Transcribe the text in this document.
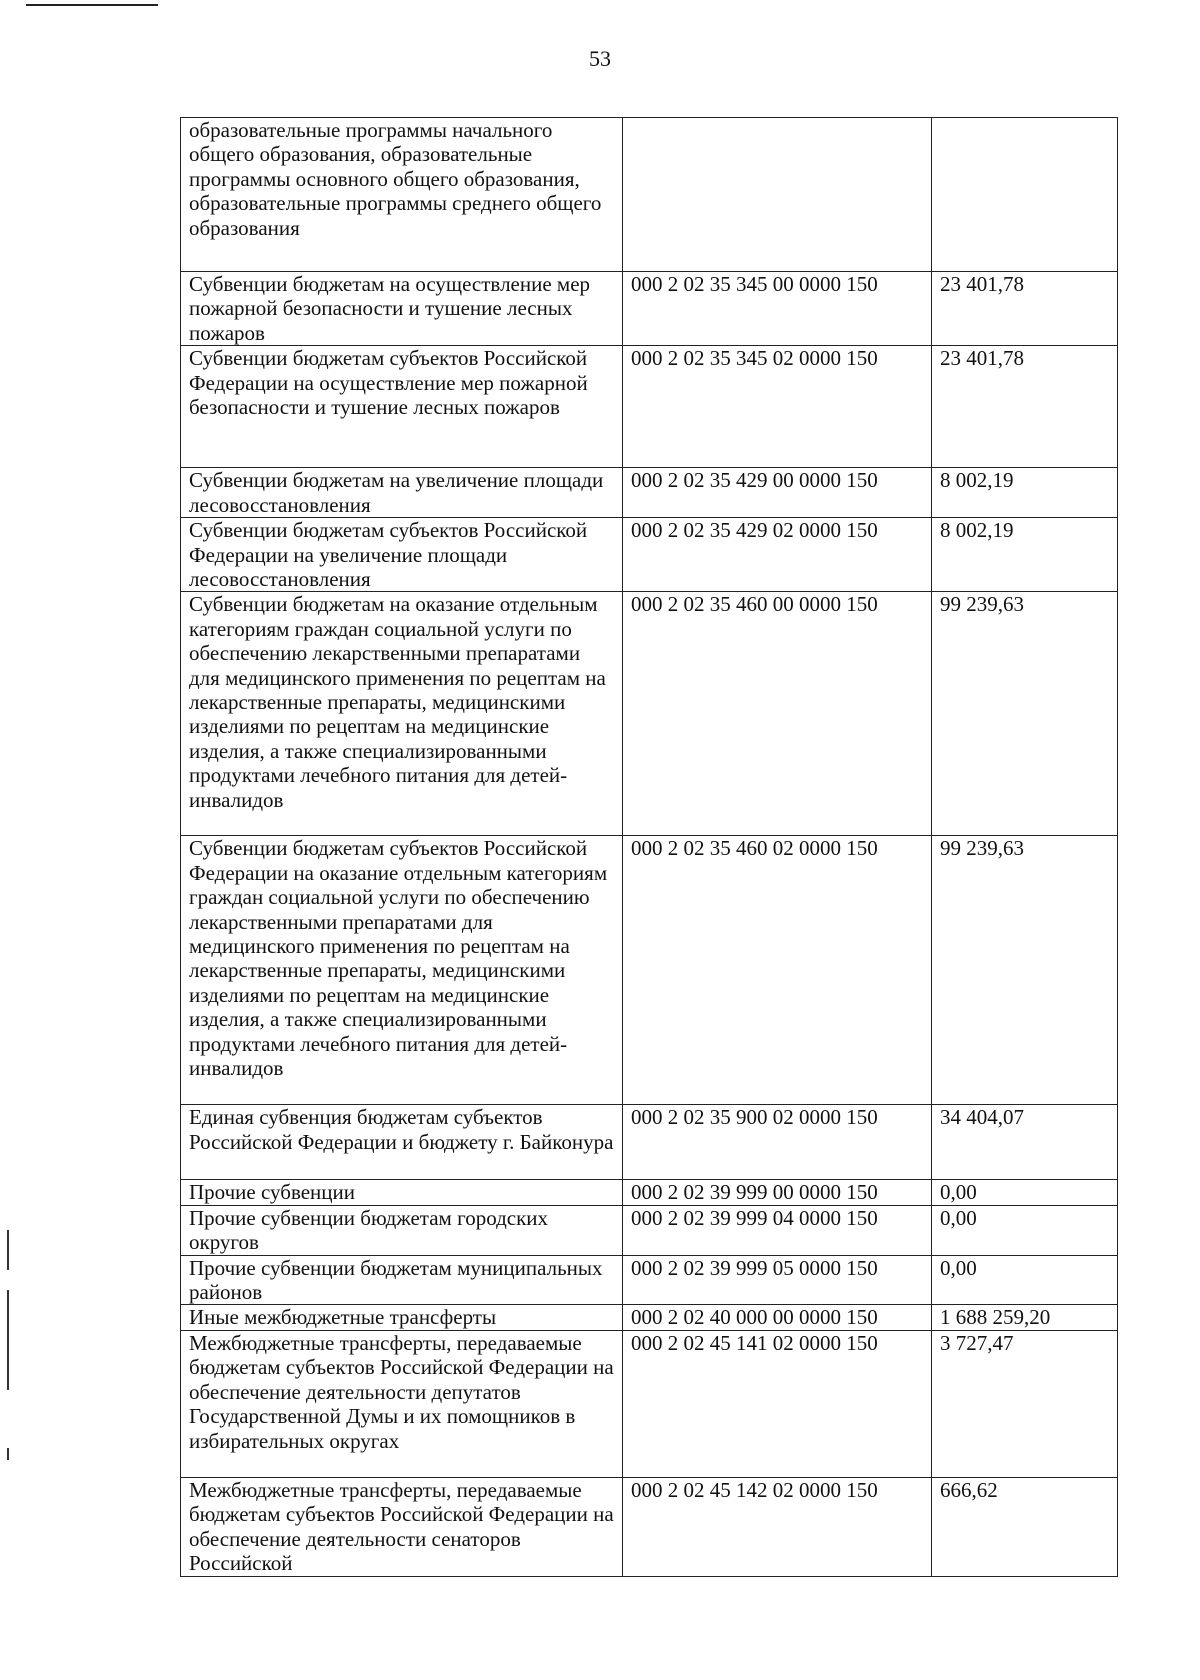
53
образовательные программы начального общего образования, образовательные программы основного общего образования, образовательные программы среднего общего образования		
Субвенции бюджетам на осуществление мер пожарной безопасности и тушение лесных пожаров	000 2 02 35 345 00 0000 150	23 401,78
Субвенции бюджетам субъектов Российской Федерации на осуществление мер пожарной безопасности и тушение лесных пожаров	000 2 02 35 345 02 0000 150	23 401,78
Субвенции бюджетам на увеличение площади лесовосстановления	000 2 02 35 429 00 0000 150	8 002,19
Субвенции бюджетам субъектов Российской Федерации на увеличение площади лесовосстановления	000 2 02 35 429 02 0000 150	8 002,19
Субвенции бюджетам на оказание отдельным категориям граждан социальной услуги по обеспечению лекарственными препаратами для медицинского применения по рецептам на лекарственные препараты, медицинскими изделиями по рецептам на медицинские изделия, а также специализированными продуктами лечебного питания для детей-инвалидов	000 2 02 35 460 00 0000 150	99 239,63
Субвенции бюджетам субъектов Российской Федерации на оказание отдельным категориям граждан социальной услуги по обеспечению лекарственными препаратами для медицинского применения по рецептам на лекарственные препараты, медицинскими изделиями по рецептам на медицинские изделия, а также специализированными продуктами лечебного питания для детей-инвалидов	000 2 02 35 460 02 0000 150	99 239,63
Единая субвенция бюджетам субъектов Российской Федерации и бюджету г. Байконура	000 2 02 35 900 02 0000 150	34 404,07
Прочие субвенции	000 2 02 39 999 00 0000 150	0,00
Прочие субвенции бюджетам городских округов	000 2 02 39 999 04 0000 150	0,00
Прочие субвенции бюджетам муниципальных районов	000 2 02 39 999 05 0000 150	0,00
Иные межбюджетные трансферты	000 2 02 40 000 00 0000 150	1 688 259,20
Межбюджетные трансферты, передаваемые бюджетам субъектов Российской Федерации на обеспечение деятельности депутатов Государственной Думы и их помощников в избирательных округах	000 2 02 45 141 02 0000 150	3 727,47
Межбюджетные трансферты, передаваемые бюджетам субъектов Российской Федерации на обеспечение деятельности сенаторов Российской	000 2 02 45 142 02 0000 150	666,62
